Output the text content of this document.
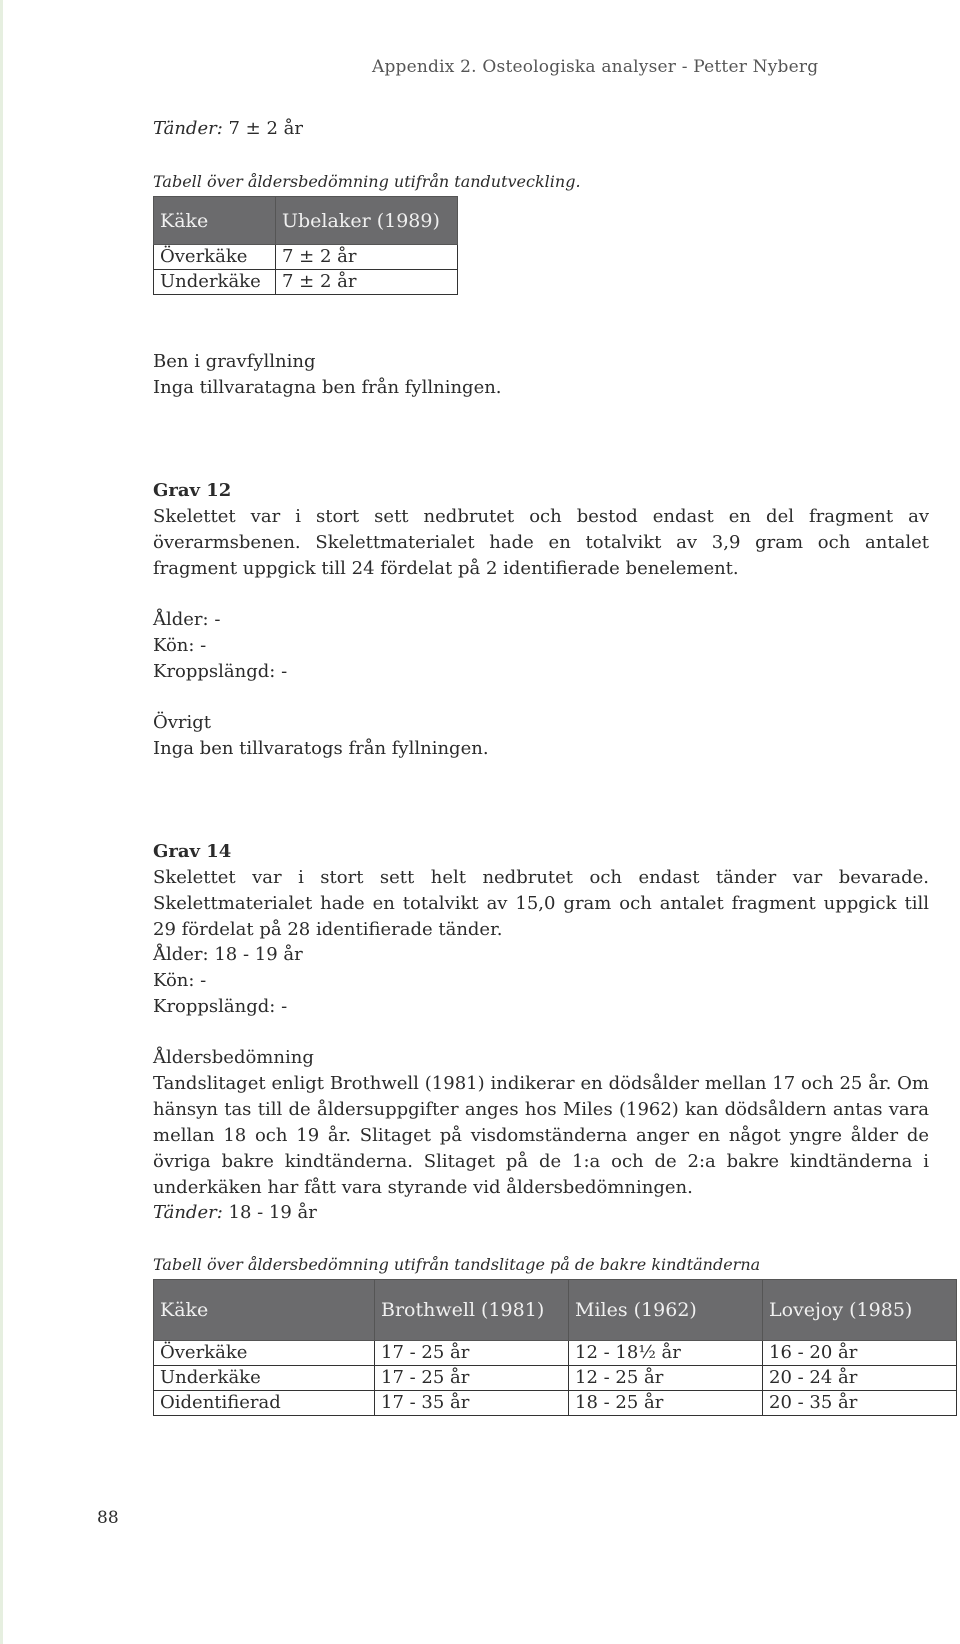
Appendix 2. Osteologiska analyser - Petter Nyberg
Tänder: 7 ± 2 år
Tabell över åldersbedömning utifrån tandutveckling.
Käke	Ubelaker (1989)
Överkäke	7 ± 2 år
Underkäke	7 ± 2 år
Ben i gravfyllning
Inga tillvaratagna ben från fyllningen.
Grav 12
Skelettet var i stort sett nedbrutet och bestod endast en del fragment av överarmsbenen. Skelettmaterialet hade en totalvikt av 3,9 gram och antalet fragment uppgick till 24 fördelat på 2 identifierade benelement.
Ålder: -
Kön: -
Kroppslängd: -
Övrigt
Inga ben tillvaratogs från fyllningen.
Grav 14
Skelettet var i stort sett helt nedbrutet och endast tänder var bevarade. Skelettmaterialet hade en totalvikt av 15,0 gram och antalet fragment uppgick till 29 fördelat på 28 identifierade tänder.
Ålder: 18 - 19 år
Kön: -
Kroppslängd: -
Åldersbedömning
Tandslitaget enligt Brothwell (1981) indikerar en dödsålder mellan 17 och 25 år. Om hänsyn tas till de åldersuppgifter anges hos Miles (1962) kan dödsåldern antas vara mellan 18 och 19 år. Slitaget på visdomständerna anger en något yngre ålder de övriga bakre kindtänderna. Slitaget på de 1:a och de 2:a bakre kindtänderna i underkäken har fått vara styrande vid åldersbedömningen.
Tänder: 18 - 19 år
Tabell över åldersbedömning utifrån tandslitage på de bakre kindtänderna
Käke	Brothwell (1981)	Miles (1962)	Lovejoy (1985)
Överkäke	17 - 25 år	12 - 18½ år	16 - 20 år
Underkäke	17 - 25 år	12 - 25 år	20 - 24 år
Oidentifierad	17 - 35 år	18 - 25 år	20 - 35 år
88
